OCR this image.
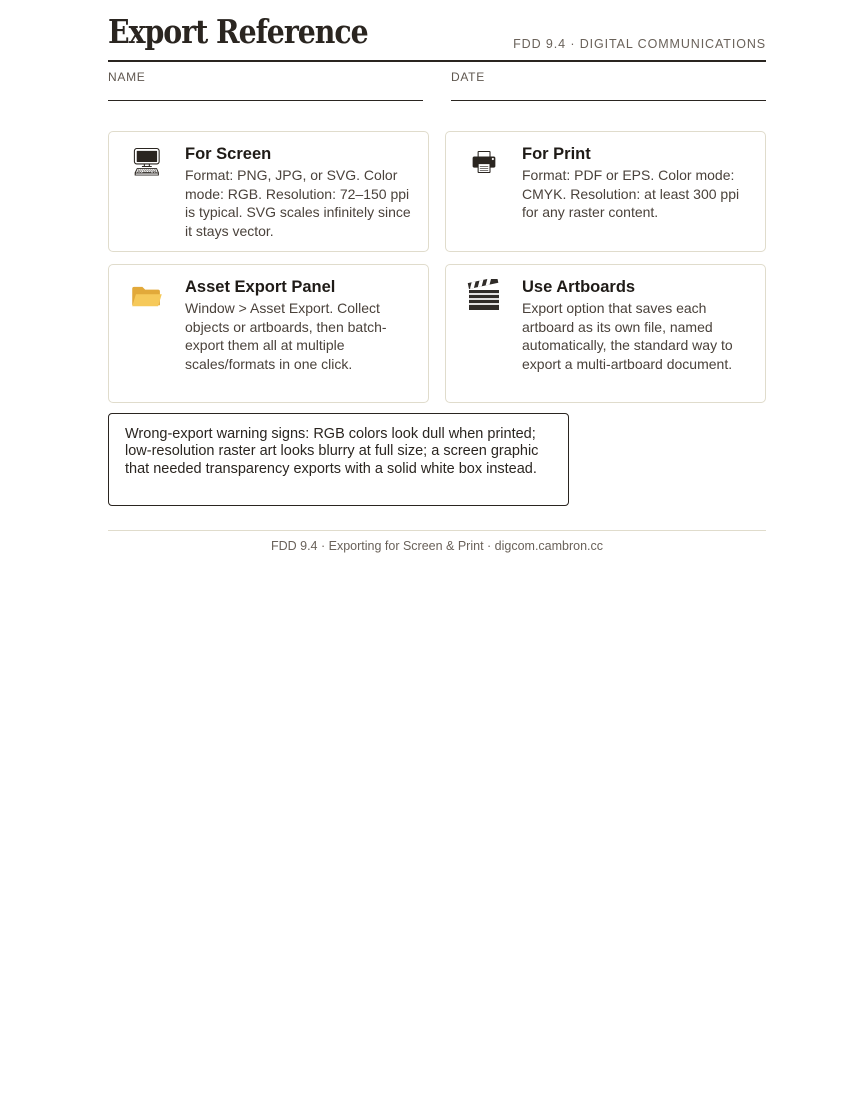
Export Reference	FDD 9.4 · DIGITAL COMMUNICATIONS
NAME	DATE
🖥 For Screen
Format: PNG, JPG, or SVG. Color mode: RGB. Resolution: 72–150 ppi is typical. SVG scales infinitely since it stays vector.
🖶	For Print
Format: PDF or EPS. Color mode: CMYK. Resolution: at least 300 ppi for any raster content.
Asset Export Panel
Window > Asset Export. Collect objects or artboards, then batch-export them all at multiple scales/formats in one click.
Use Artboards
Export option that saves each artboard as its own file, named automatically, the standard way to export a multi-artboard document.
Wrong-export warning signs: RGB colors look dull when printed; low-resolution raster art looks blurry at full size; a screen graphic that needed transparency exports with a solid white box instead.
FDD 9.4 · Exporting for Screen & Print · digcom.cambron.cc
